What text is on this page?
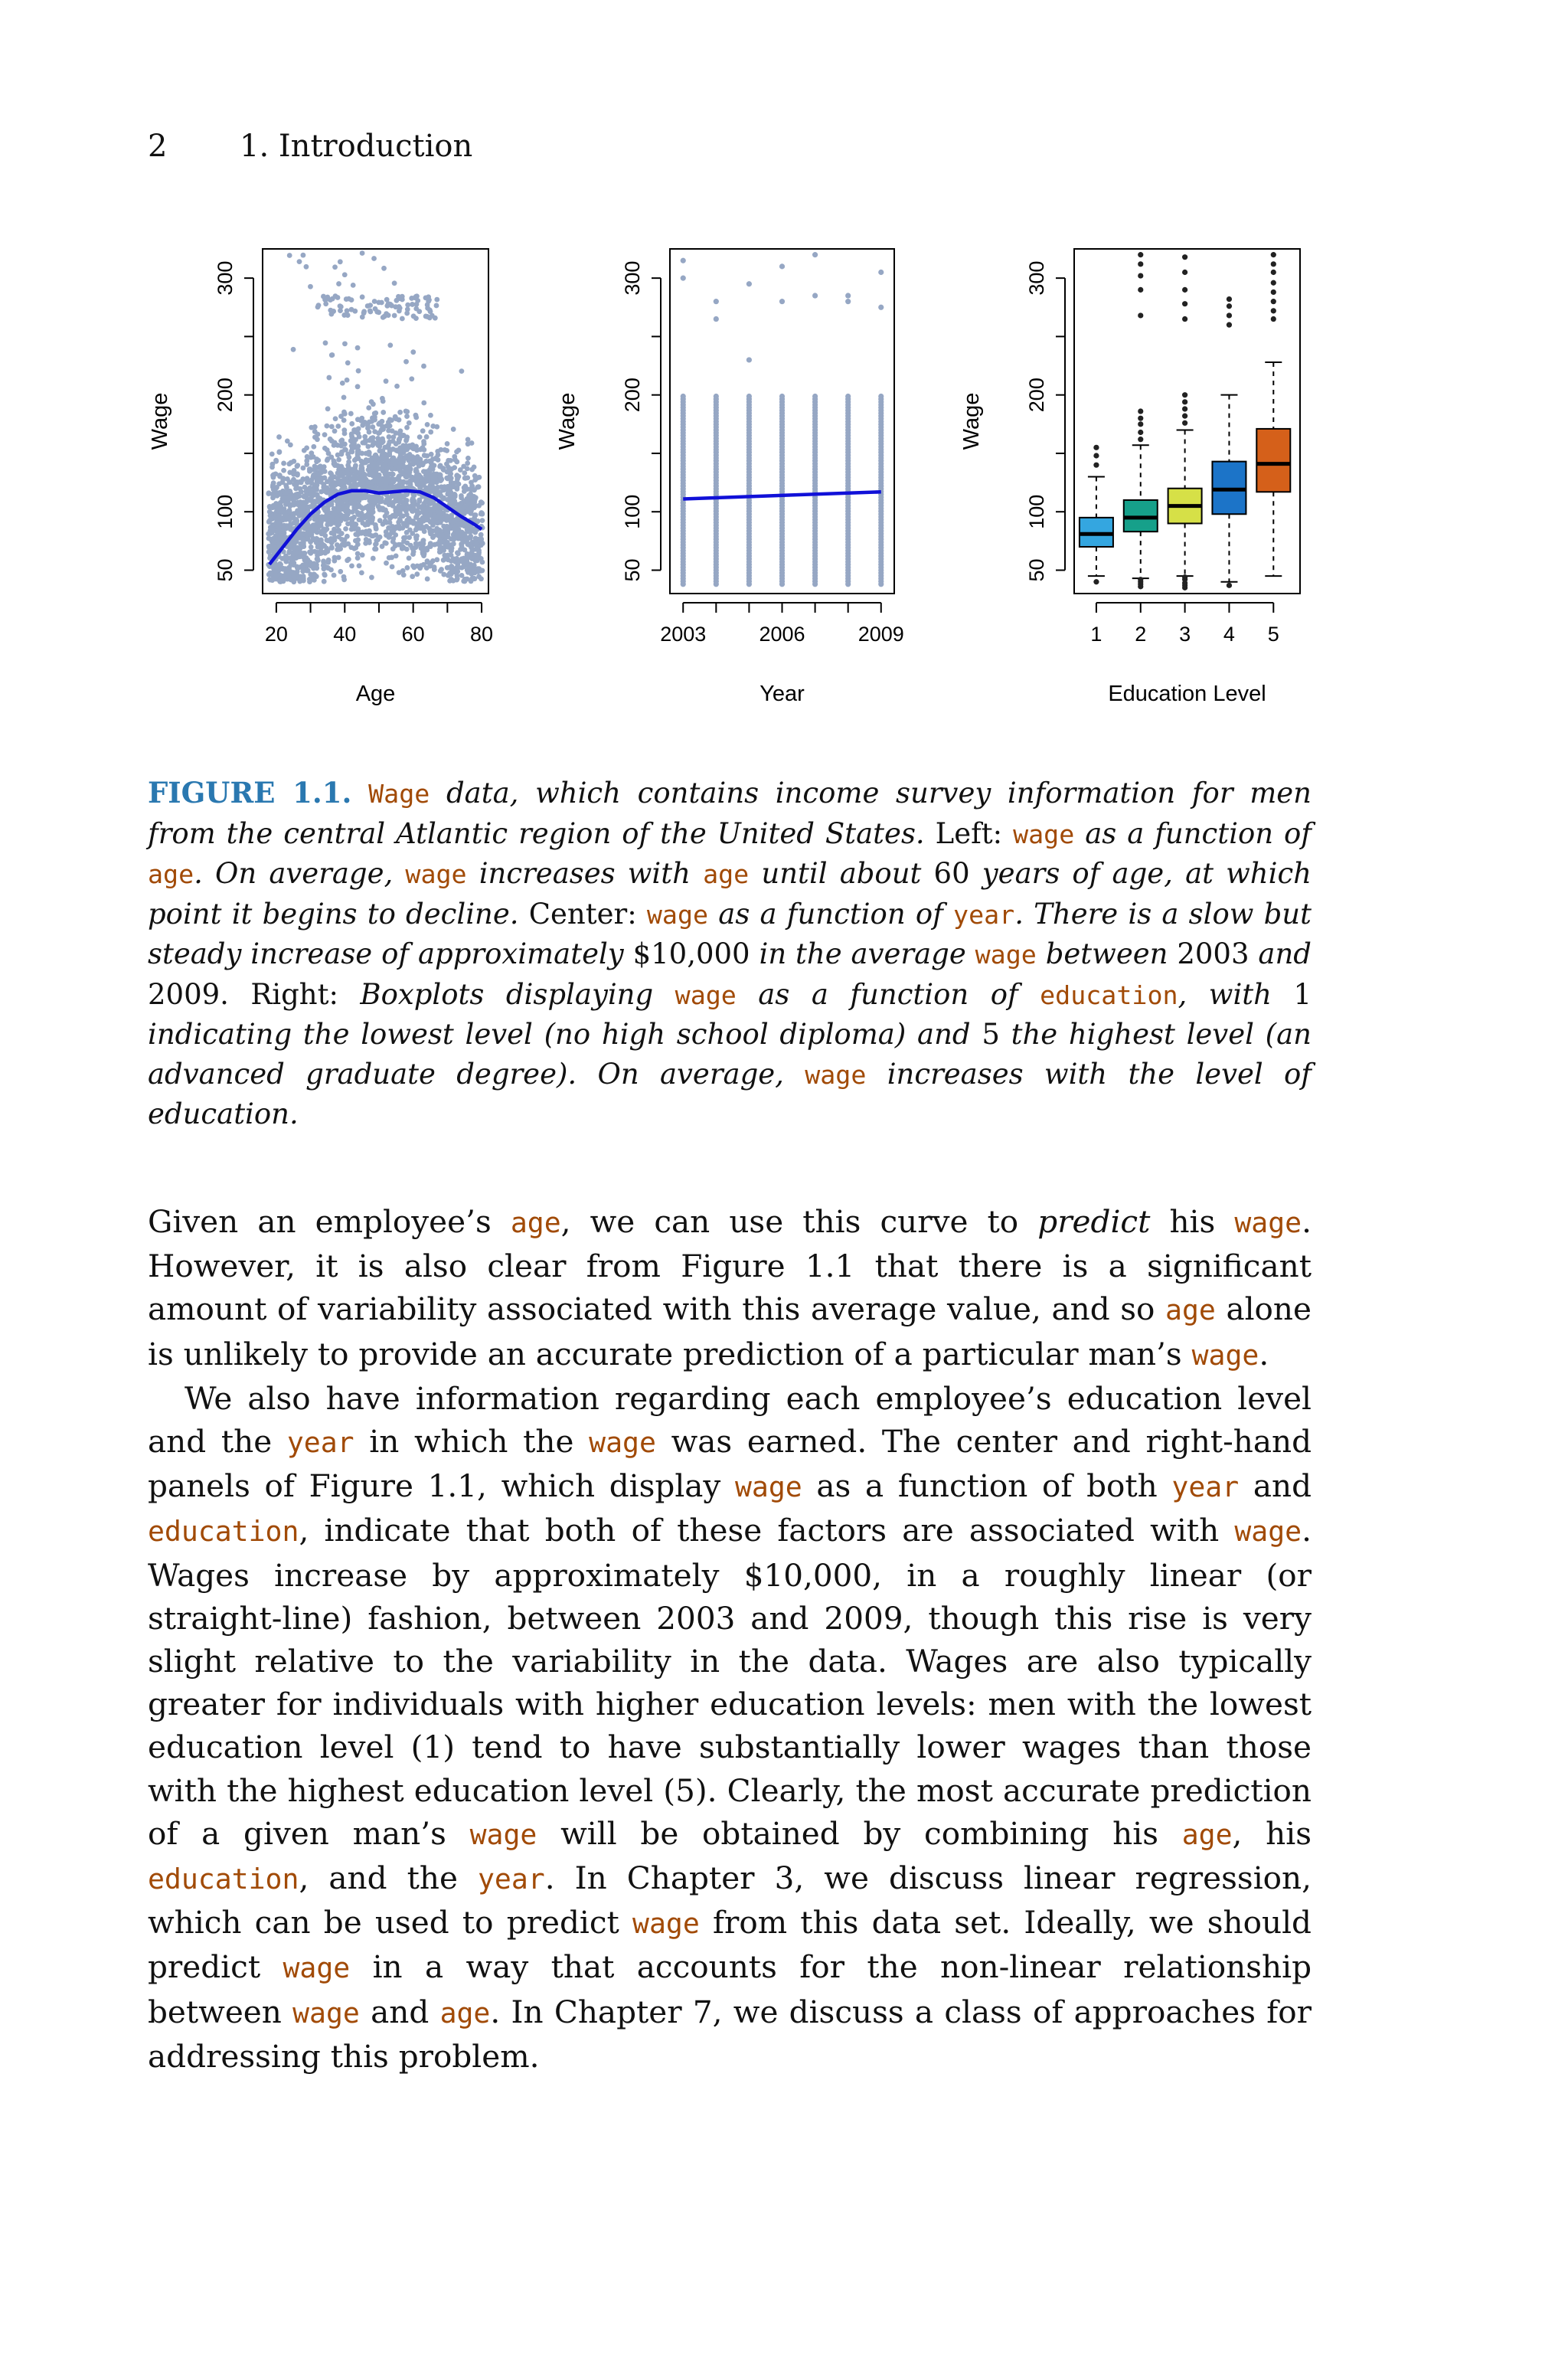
2 1. Introduction
50
100
200
300
Wage
20 40 60 80
Age
50
100
200
300
Wage
2003	2006	2009
Year
50
100
200
300
Wage
1 2 3 4 5
Education Level
FIGURE 1.1. Wage data, which contains income survey information for men from the central Atlantic region of the United States. Left: wage as a function of age. On average, wage increases with age until about 60 years of age, at which point it begins to decline. Center: wage as a function of year. There is a slow but steady increase of approximately $10,000 in the average wage between 2003 and 2009. Right: Boxplots displaying wage as a function of education, with 1 indicating the lowest level (no high school diploma) and 5 the highest level (an advanced graduate degree). On average, wage increases with the level of education.

Given an employee’s age, we can use this curve to predict his wage. However, it is also clear from Figure 1.1 that there is a significant amount of variability associated with this average value, and so age alone is unlikely to provide an accurate prediction of a particular man’s wage.

We also have information regarding each employee’s education level and the year in which the wage was earned. The center and right-hand panels of Figure 1.1, which display wage as a function of both year and education, indicate that both of these factors are associated with wage. Wages increase by approximately $10,000, in a roughly linear (or straight-line) fashion, between 2003 and 2009, though this rise is very slight relative to the variability in the data. Wages are also typically greater for individuals with higher education levels: men with the lowest education level (1) tend to have substantially lower wages than those with the highest education level (5). Clearly, the most accurate prediction of a given man’s wage will be obtained by combining his age, his education, and the year. In Chapter 3, we discuss linear regression, which can be used to predict wage from this data set. Ideally, we should predict wage in a way that accounts for the non-linear relationship between wage and age. In Chapter 7, we discuss a class of approaches for addressing this problem.
